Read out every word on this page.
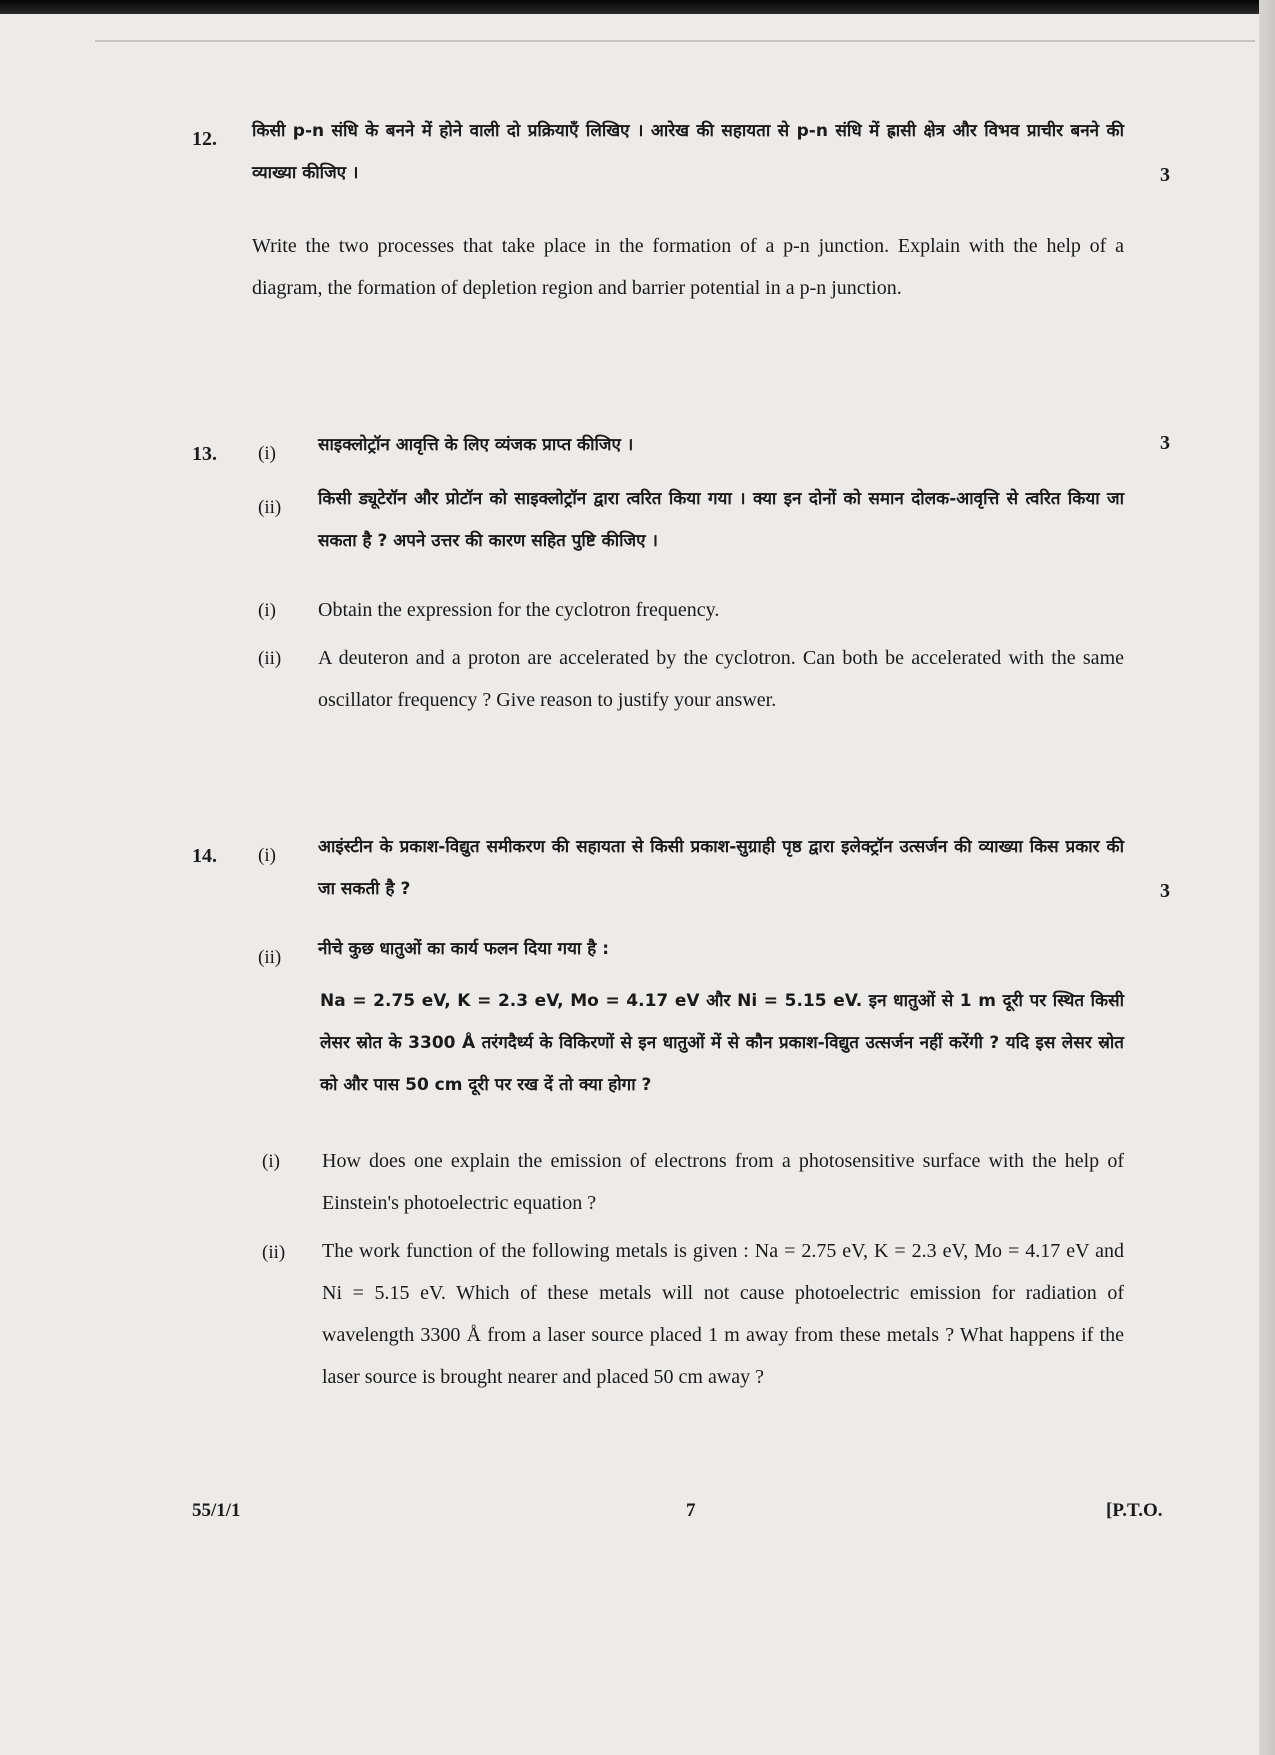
12. किसी p-n संधि के बनने में होने वाली दो प्रक्रियाएँ लिखिए । आरेख की सहायता से p-n संधि में ह्रासी क्षेत्र और विभव प्राचीर बनने की व्याख्या कीजिए ।	3
Write the two processes that take place in the formation of a p-n junction. Explain with the help of a diagram, the formation of depletion region and barrier potential in a p-n junction.
13. (i) साइक्लोट्रॉन आवृत्ति के लिए व्यंजक प्राप्त कीजिए ।	3
(ii) किसी ड्यूटेरॉन और प्रोटॉन को साइक्लोट्रॉन द्वारा त्वरित किया गया । क्या इन दोनों को समान दोलक-आवृत्ति से त्वरित किया जा सकता है ? अपने उत्तर की कारण सहित पुष्टि कीजिए ।
(i) Obtain the expression for the cyclotron frequency.
(ii) A deuteron and a proton are accelerated by the cyclotron. Can both be accelerated with the same oscillator frequency ? Give reason to justify your answer.
14. (i) आइंस्टीन के प्रकाश-विद्युत समीकरण की सहायता से किसी प्रकाश-सुग्राही पृष्ठ द्वारा इलेक्ट्रॉन उत्सर्जन की व्याख्या किस प्रकार की जा सकती है ?	3
(ii) नीचे कुछ धातुओं का कार्य फलन दिया गया है :
Na = 2.75 eV, K = 2.3 eV, Mo = 4.17 eV और Ni = 5.15 eV. इन धातुओं से 1 m दूरी पर स्थित किसी लेसर स्रोत के 3300 Å तरंगदैर्ध्य के विकिरणों से इन धातुओं में से कौन प्रकाश-विद्युत उत्सर्जन नहीं करेंगी ? यदि इस लेसर स्रोत को और पास 50 cm दूरी पर रख दें तो क्या होगा ?
(i) How does one explain the emission of electrons from a photosensitive surface with the help of Einstein's photoelectric equation ?
(ii) The work function of the following metals is given : Na = 2.75 eV, K = 2.3 eV, Mo = 4.17 eV and Ni = 5.15 eV. Which of these metals will not cause photoelectric emission for radiation of wavelength 3300 Å from a laser source placed 1 m away from these metals ? What happens if the laser source is brought nearer and placed 50 cm away ?
55/1/1	7	[P.T.O.
